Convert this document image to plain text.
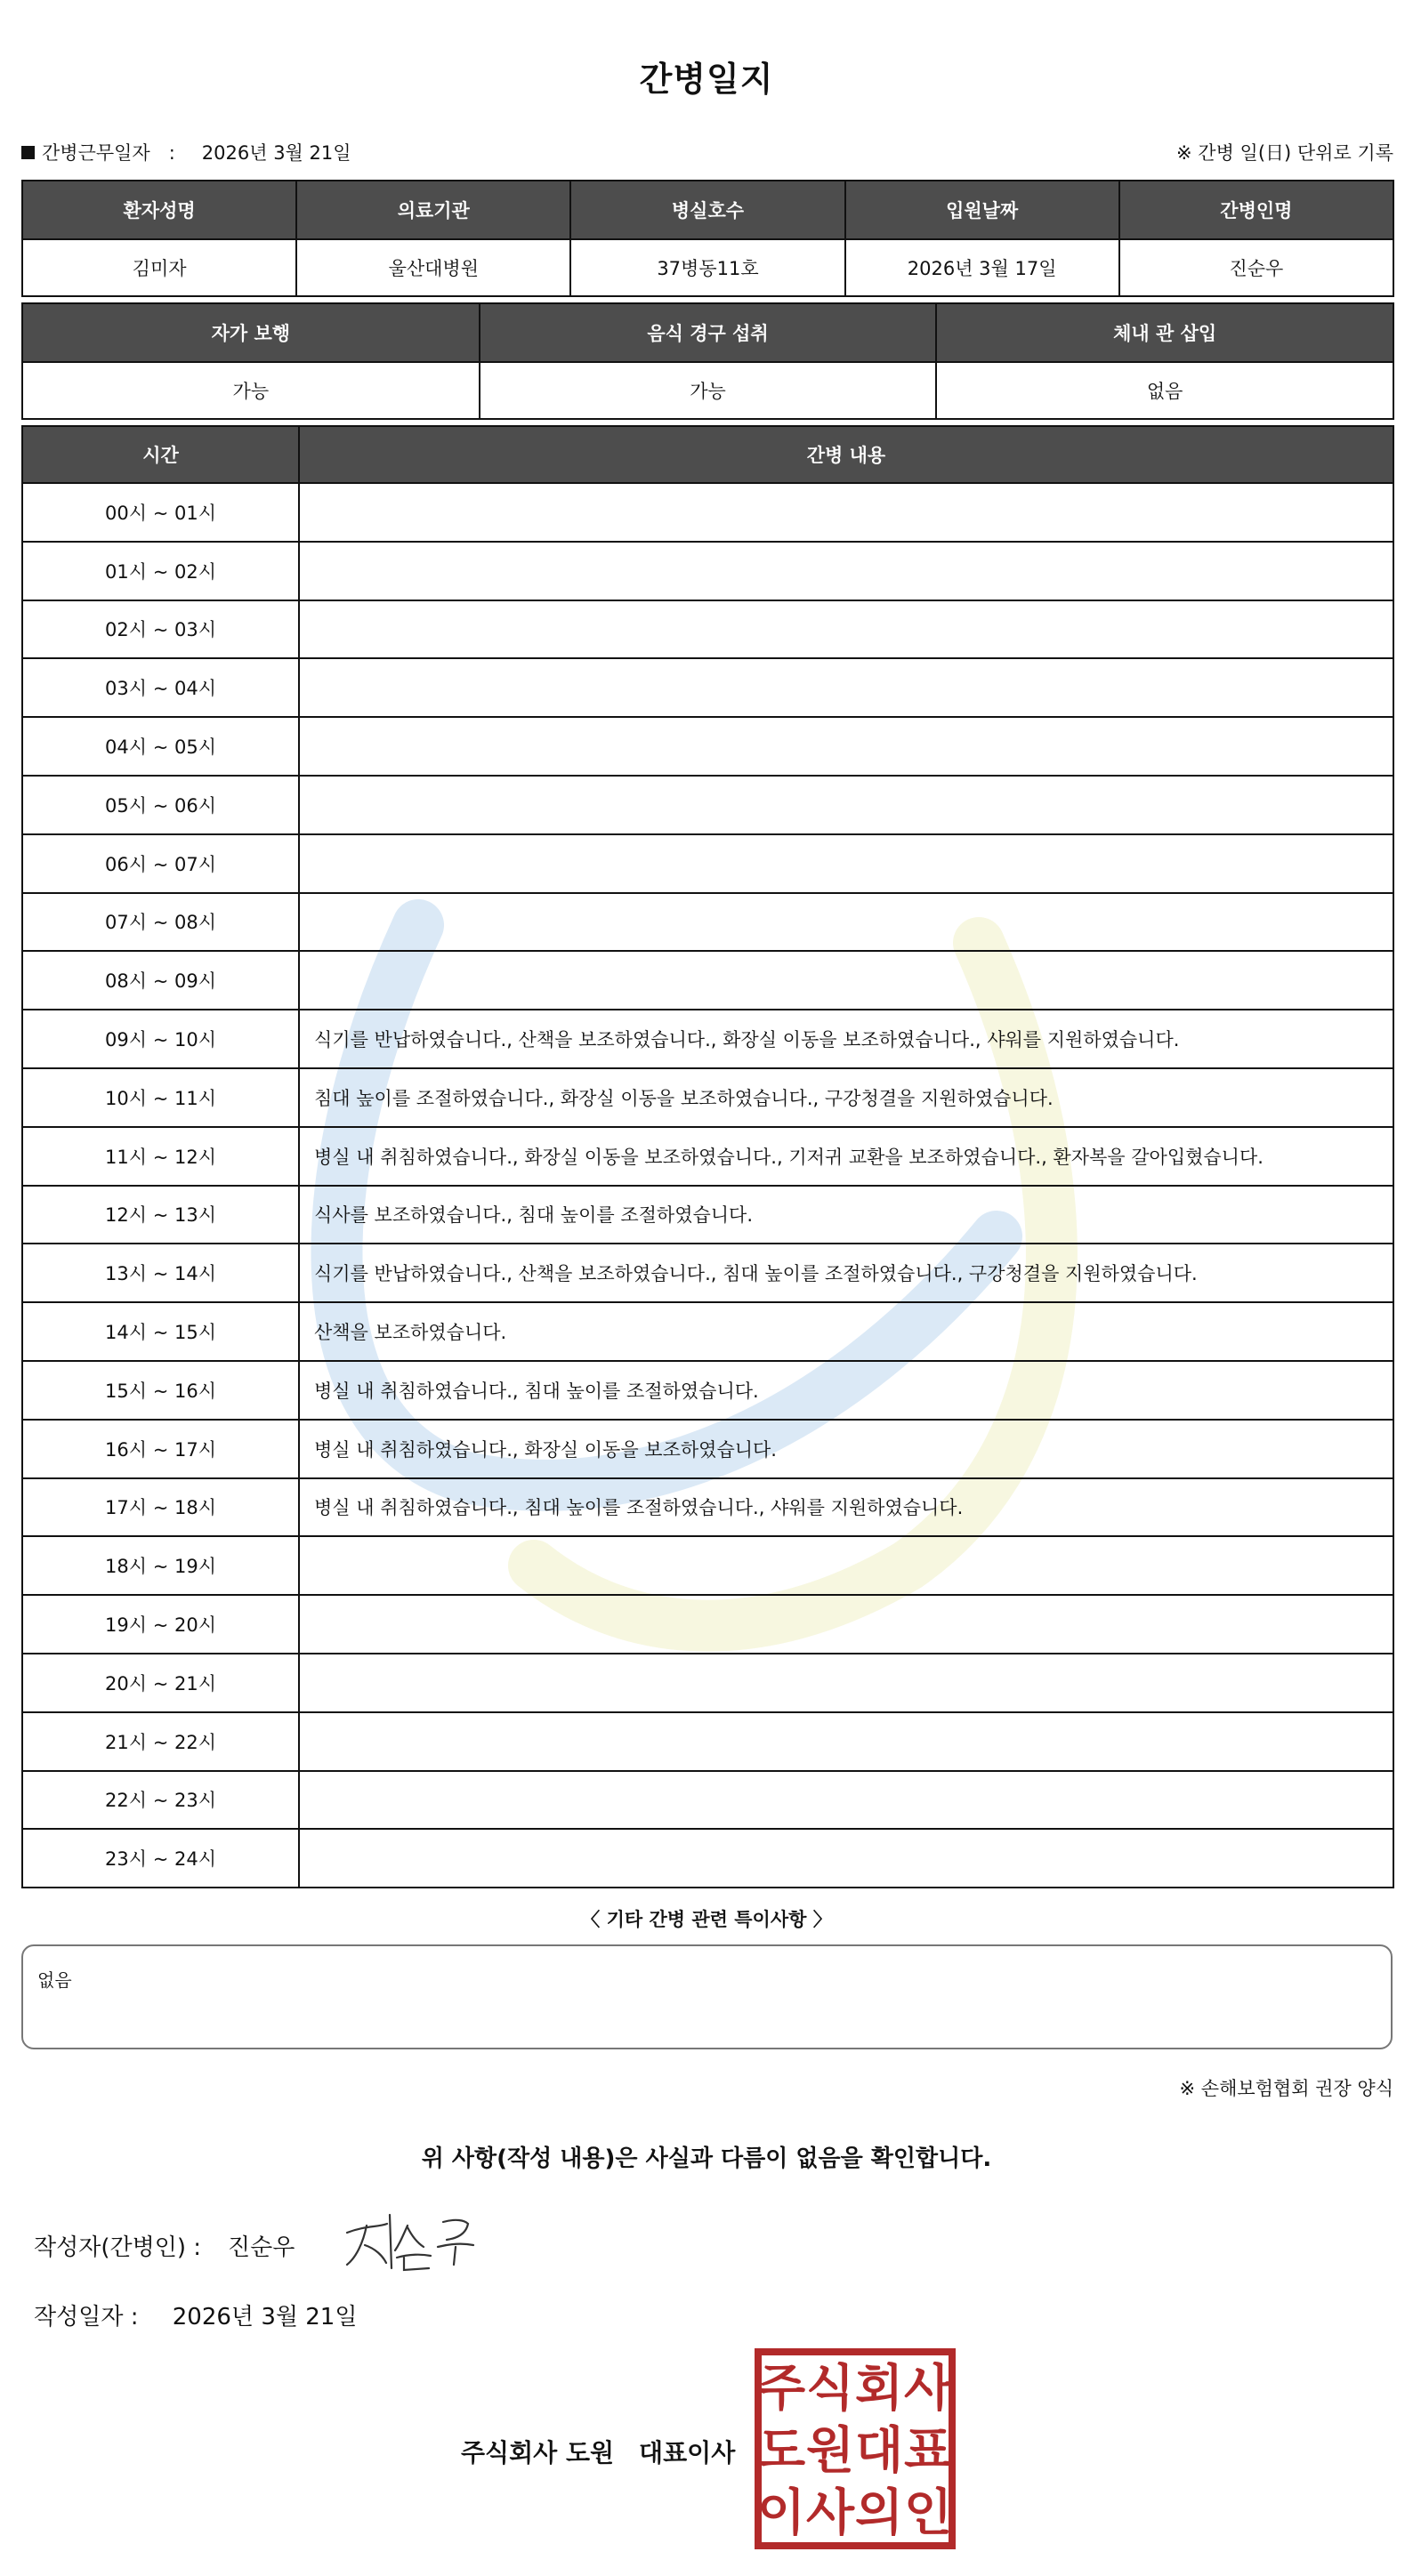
간병일지
간병근무일자　: 2026년 3월 21일	※ 간병 일(日) 단위로 기록
환자성명	의료기관	병실호수	입원날짜	간병인명
김미자	울산대병원	37병동11호	2026년 3월 17일	진순우
자가 보행	음식 경구 섭취	체내 관 삽입
가능	가능	없음
시간	간병 내용
00시 ~ 01시	
01시 ~ 02시	
02시 ~ 03시	
03시 ~ 04시	
04시 ~ 05시	
05시 ~ 06시	
06시 ~ 07시	
07시 ~ 08시	
08시 ~ 09시	
09시 ~ 10시	식기를 반납하였습니다., 산책을 보조하였습니다., 화장실 이동을 보조하였습니다., 샤워를 지원하였습니다.
10시 ~ 11시	침대 높이를 조절하였습니다., 화장실 이동을 보조하였습니다., 구강청결을 지원하였습니다.
11시 ~ 12시	병실 내 취침하였습니다., 화장실 이동을 보조하였습니다., 기저귀 교환을 보조하였습니다., 환자복을 갈아입혔습니다.
12시 ~ 13시	식사를 보조하였습니다., 침대 높이를 조절하였습니다.
13시 ~ 14시	식기를 반납하였습니다., 산책을 보조하였습니다., 침대 높이를 조절하였습니다., 구강청결을 지원하였습니다.
14시 ~ 15시	산책을 보조하였습니다.
15시 ~ 16시	병실 내 취침하였습니다., 침대 높이를 조절하였습니다.
16시 ~ 17시	병실 내 취침하였습니다., 화장실 이동을 보조하였습니다.
17시 ~ 18시	병실 내 취침하였습니다., 침대 높이를 조절하였습니다., 샤워를 지원하였습니다.
18시 ~ 19시	
19시 ~ 20시	
20시 ~ 21시	
21시 ~ 22시	
22시 ~ 23시	
23시 ~ 24시	
〈 기타 간병 관련 특이사항 〉
없음
※ 손해보험협회 권장 양식
위 사항(작성 내용)은 사실과 다름이 없음을 확인합니다.
작성자(간병인) : 진순우
작성일자 : 2026년 3월 21일
주식회사 도원 대표이사
주 식 회 사
도 원 대 표
이 사 의 인
